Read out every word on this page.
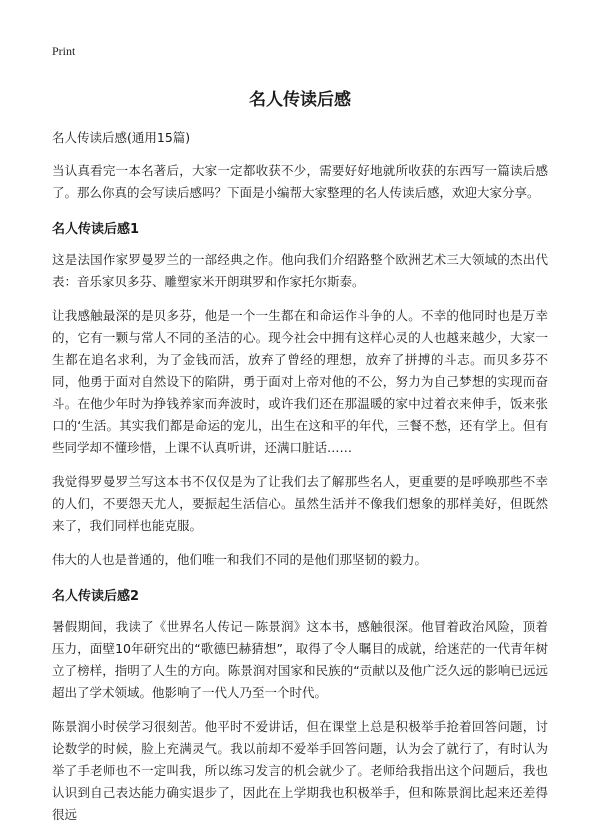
Print
名人传读后感

名人传读后感(通用15篇)

当认真看完一本名著后，大家一定都收获不少，需要好好地就所收获的东西写一篇读后感了。那么你真的会写读后感吗？下面是小编帮大家整理的名人传读后感，欢迎大家分享。

名人传读后感1

这是法国作家罗曼罗兰的一部经典之作。他向我们介绍路整个欧洲艺术三大领域的杰出代表：音乐家贝多芬、雕塑家米开朗琪罗和作家托尔斯泰。

让我感触最深的是贝多芬，他是一个一生都在和命运作斗争的人。不幸的他同时也是万幸的，它有一颗与常人不同的圣洁的心。现今社会中拥有这样心灵的人也越来越少，大家一生都在追名求利，为了金钱而活，放弃了曾经的理想，放弃了拼搏的斗志。而贝多芬不同，他勇于面对自然设下的陷阱，勇于面对上帝对他的不公，努力为自己梦想的实现而奋斗。在他少年时为挣钱养家而奔波时，或许我们还在那温暖的家中过着衣来伸手，饭来张口的‘生活。其实我们都是命运的宠儿，出生在这和平的年代，三餐不愁，还有学上。但有些同学却不懂珍惜，上课不认真听讲，还满口脏话……

我觉得罗曼罗兰写这本书不仅仅是为了让我们去了解那些名人，更重要的是呼唤那些不幸的人们，不要怨天尤人，要振起生活信心。虽然生活并不像我们想象的那样美好，但既然来了，我们同样也能克服。

伟大的人也是普通的，他们唯一和我们不同的是他们那坚韧的毅力。

名人传读后感2

暑假期间，我读了《世界名人传记－陈景润》这本书，感触很深。他冒着政治风险，顶着压力，面壁10年研究出的“歌德巴赫猜想”，取得了令人瞩目的成就，给迷茫的一代青年树立了榜样，指明了人生的方向。陈景润对国家和民族的“贡献以及他广泛久远的影响已远远超出了学术领域。他影响了一代人乃至一个时代。

陈景润小时侯学习很刻苦。他平时不爱讲话，但在课堂上总是积极举手抢着回答问题，讨论数学的时候，脸上充满灵气。我以前却不爱举手回答问题，认为会了就行了，有时认为举了手老师也不一定叫我，所以练习发言的机会就少了。老师给我指出这个问题后，我也认识到自己表达能力确实退步了，因此在上学期我也积极举手，但和陈景润比起来还差得很远
